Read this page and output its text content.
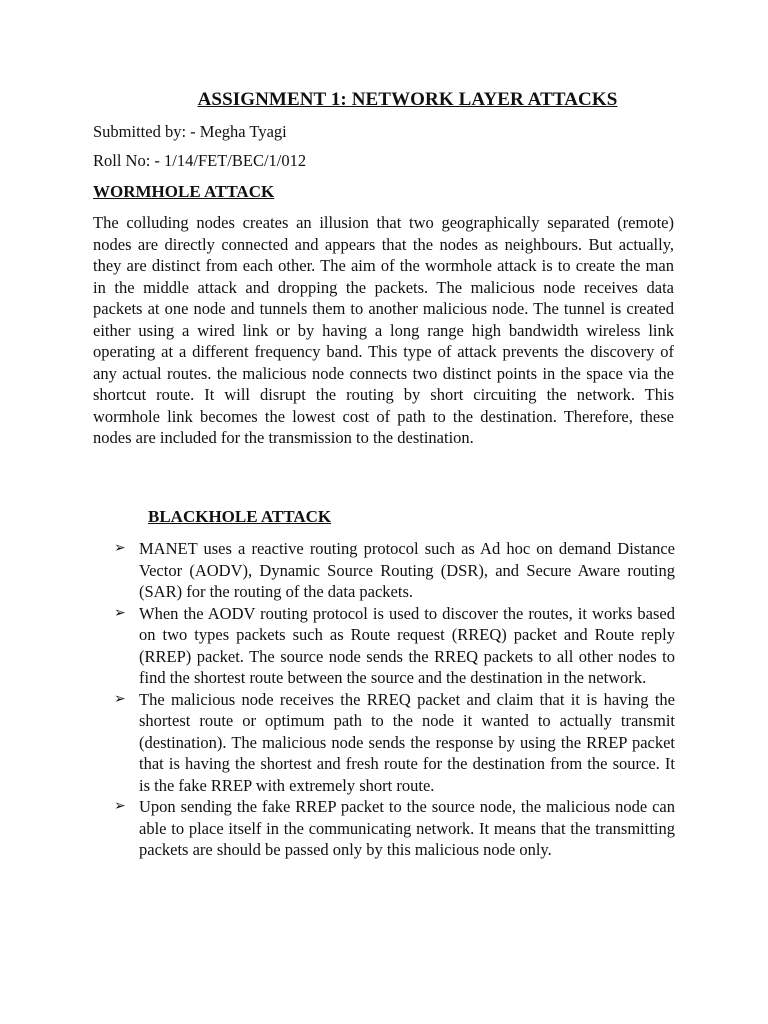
ASSIGNMENT 1: NETWORK LAYER ATTACKS
Submitted by: - Megha Tyagi
Roll No: - 1/14/FET/BEC/1/012
WORMHOLE ATTACK
The colluding nodes creates an illusion that two geographically separated (remote) nodes are directly connected and appears that the nodes as neighbours. But actually, they are distinct from each other. The aim of the wormhole attack is to create the man in the middle attack and dropping the packets. The malicious node receives data packets at one node and tunnels them to another malicious node. The tunnel is created either using a wired link or by having a long range high bandwidth wireless link operating at a different frequency band. This type of attack prevents the discovery of any actual routes. the malicious node connects two distinct points in the space via the shortcut route. It will disrupt the routing by short circuiting the network. This wormhole link becomes the lowest cost of path to the destination. Therefore, these nodes are included for the transmission to the destination.
BLACKHOLE ATTACK
➢ MANET uses a reactive routing protocol such as Ad hoc on demand Distance Vector (AODV), Dynamic Source Routing (DSR), and Secure Aware routing (SAR) for the routing of the data packets.
➢ When the AODV routing protocol is used to discover the routes, it works based on two types packets such as Route request (RREQ) packet and Route reply (RREP) packet. The source node sends the RREQ packets to all other nodes to find the shortest route between the source and the destination in the network.
➢ The malicious node receives the RREQ packet and claim that it is having the shortest route or optimum path to the node it wanted to actually transmit (destination). The malicious node sends the response by using the RREP packet that is having the shortest and fresh route for the destination from the source. It is the fake RREP with extremely short route.
➢ Upon sending the fake RREP packet to the source node, the malicious node can able to place itself in the communicating network. It means that the transmitting packets are should be passed only by this malicious node only.
